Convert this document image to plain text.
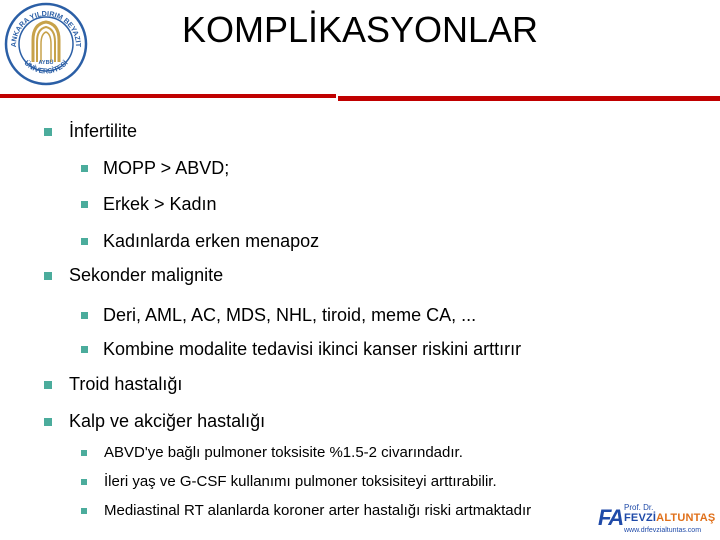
ANKARA YILDIRIM BEYAZIT
ÜNİVERSİTESİ
AYBÜ
KOMPLİKASYONLAR
İnfertilite
MOPP > ABVD;
Erkek > Kadın
Kadınlarda erken menapoz
Sekonder malignite
Deri, AML, AC, MDS, NHL, tiroid, meme CA, ...
Kombine modalite tedavisi ikinci kanser riskini arttırır
Troid hastalığı
Kalp ve akciğer hastalığı
ABVD'ye bağlı pulmoner toksisite %1.5-2 civarındadır.
İleri yaş ve G-CSF kullanımı pulmoner toksisiteyi arttırabilir.
Mediastinal RT alanlarda koroner arter hastalığı riski artmaktadır	FA Prof. Dr.
FEVZİALTUNTAŞ
www.drfevzialtuntas.com
